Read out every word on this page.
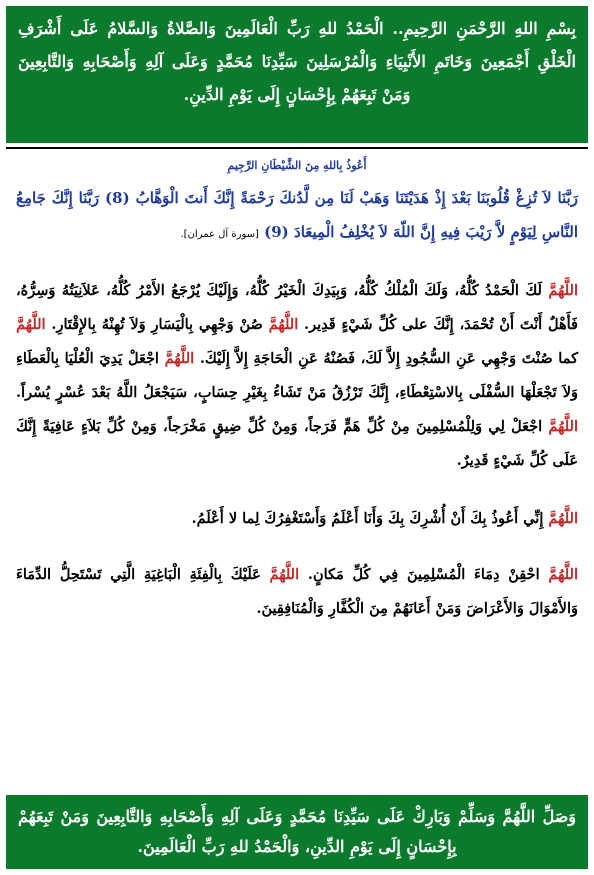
بِسْمِ اللهِ الرَّحْمَنِ الرَّحِيمِ.. الْحَمْدُ للهِ رَبِّ الْعَالَمِينَ وَالصَّلاةُ وَالسَّلامُ عَلَى أَشْرَفِ الْخَلْقِ أَجْمَعِينَ وَخَاتَمِ الأَنْبِيَاءِ وَالْمُرْسَلِينَ سَيِّدِنَا مُحَمَّدٍ وَعَلَى آلِهِ وَأَصْحَابِهِ وَالتَّابِعِينَ وَمَنْ تَبِعَهُمْ بِإِحْسَانٍ إِلَى يَوْمِ الدِّينِ.
أَعُوذُ بِاللهِ مِنَ الشَّيْطَانِ الرَّجِيمِ
رَبَّنَا لاَ تُزِغْ قُلُوبَنَا بَعْدَ إِذْ هَدَيْتَنَا وَهَبْ لَنَا مِن لَّدُنكَ رَحْمَةً إِنَّكَ أَنتَ الْوَهَّابُ (8) رَبَّنَا إِنَّكَ جَامِعُ النَّاسِ لِيَوْمٍ لاَّ رَيْبَ فِيهِ إِنَّ اللّهَ لاَ يُخْلِفُ الْمِيعَادَ (9) [سورة آل عمران].
اللَّهُمَّ لَكَ الْحَمْدُ كُلُّهُ، وَلَكَ الْمُلْكُ كُلُّهُ، وَبِيَدِكَ الْخَيْرُ كُلُّهُ، وَإِلَيْكَ يُرْجَعُ الأَمْرُ كُلُّهُ، عَلاَنِيَتُهُ وَسِرُّهُ، فَأَهْلٌ أَنْتَ أَنْ تُحْمَدَ، إِنَّكَ على كُلِّ شَيْءٍ قَدِير. اللَّهُمَّ صُنْ وَجْهِي بِالْيَسَارِ وَلاَ تُهِنْهُ بِالإِقْتَارِ. اللَّهُمَّ كما صُنْتَ وَجْهِي عَنِ السُّجُودِ إِلاَّ لَكَ، فَصُنْهُ عَنِ الْحَاجَةِ إِلاَّ إِلَيْكَ. اللَّهُمَّ اجْعَلْ يَدِيَ الْعُلْيَا بِالْعَطَاءِ وَلاَ تَجْعَلْهَا السُّفْلَى بِالاسْتِعْطَاءِ، إِنَّكَ تَرْزُقُ مَنْ تَشَاءُ بِغَيْرِ حِسَابٍ، سَيَجْعَلُ اللَّهُ بَعْدَ عُسْرٍ يُسْراً. اللَّهُمَّ اجْعَلْ لِي وَلِلْمُسْلِمِينَ مِنْ كُلِّ هَمٍّ فَرَجاً، وَمِنْ كُلِّ ضِيقٍ مَخْرَجاً، وَمِنْ كُلِّ بَلاَءٍ عَافِيَةً إِنَّكَ عَلَى كُلِّ شَيْءٍ قَدِيرٌ.
اللَّهُمَّ إِنِّي أَعُوذُ بِكَ أَنْ أُشْرِكَ بِكَ وَأَنَا أَعْلَمُ وَأَسْتَغْفِرُكَ لِما لا أَعْلَمُ.
اللَّهُمَّ احْقِنْ دِمَاءَ الْمُسْلِمِينَ فِي كُلِّ مَكانٍ. اللَّهُمَّ عَلَيْكَ بِالْفِئَةِ الْبَاغِيَةِ الَّتِي تَسْتَحِلُّ الدِّمَاءَ وَالأَمْوَالَ وَالأَعْرَاضَ وَمَنْ أَعَانَهُمْ مِنَ الْكُفَّارِ وَالْمُنَافِقِينَ.
وَصَلِّ اللَّهُمَّ وَسَلِّمْ وَبَارِكْ عَلَى سَيِّدِنَا مُحَمَّدٍ وَعَلَى آلِهِ وَأَصْحَابِهِ وَالتَّابِعِينَ وَمَنْ تَبِعَهُمْ بِإِحْسَانٍ إِلَى يَوْمِ الدِّينِ، وَالْحَمْدُ للهِ رَبِّ الْعَالَمِينَ.
